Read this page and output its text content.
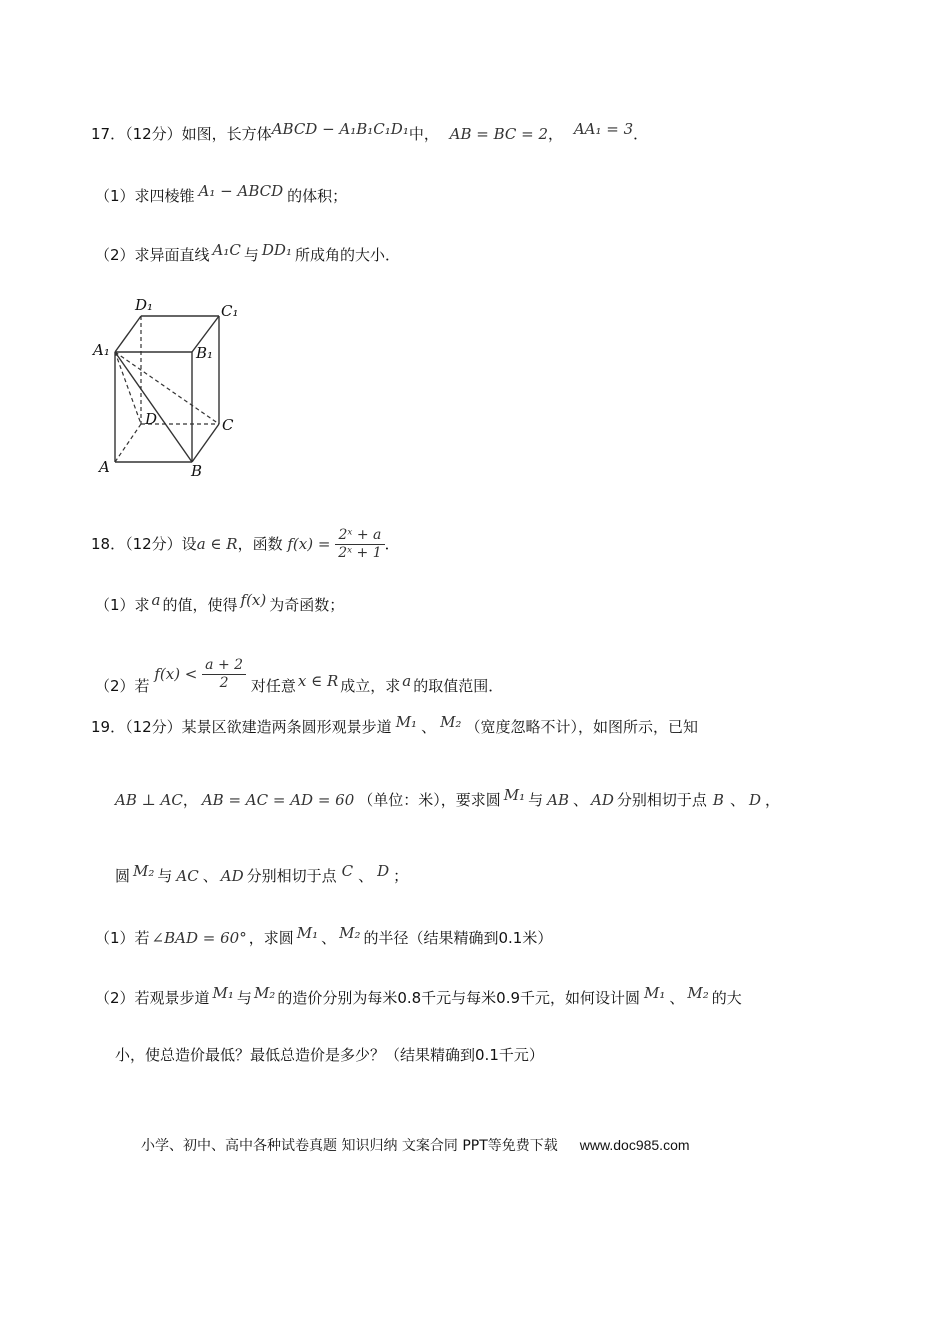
17．（12分）如图，长方体ABCD − A₁B₁C₁D₁中， AB = BC = 2， AA₁ = 3．
（1）求四棱锥 A₁ − ABCD 的体积；
（2）求异面直线 A₁C 与 DD₁ 所成角的大小．
D₁	C₁
A₁	B₁
D	C
A	B
18．（12分）设a ∈ R，函数 $f(x) = \frac{\text{2ˣ + a}}{\text{2ˣ + 1}}$ ．
（1）求 a 的值，使得 f(x) 为奇函数；
（2）若 $f(x) < \frac{a + 2}{2}$ 对任意 x ∈ R 成立，求 a 的取值范围．
19．（12分）某景区欲建造两条圆形观景步道 M₁ 、 M₂ （宽度忽略不计），如图所示，已知
AB ⊥ AC， AB = AC = AD = 60 （单位：米），要求圆 M₁ 与 AB 、 AD 分别相切于点 B 、 D ，
圆 M₂ 与 AC 、 AD 分别相切于点 C 、 D ；
（1）若 ∠BAD = 60° ，求圆 M₁ 、 M₂ 的半径（结果精确到0.1米）
（2）若观景步道 M₁ 与 M₂ 的造价分别为每米0.8千元与每米0.9千元，如何设计圆 M₁ 、 M₂ 的大
小，使总造价最低？最低总造价是多少？（结果精确到0.1千元）
小学、初中、高中各种试卷真题 知识归纳 文案合同 PPT等免费下载 www.doc985.com
